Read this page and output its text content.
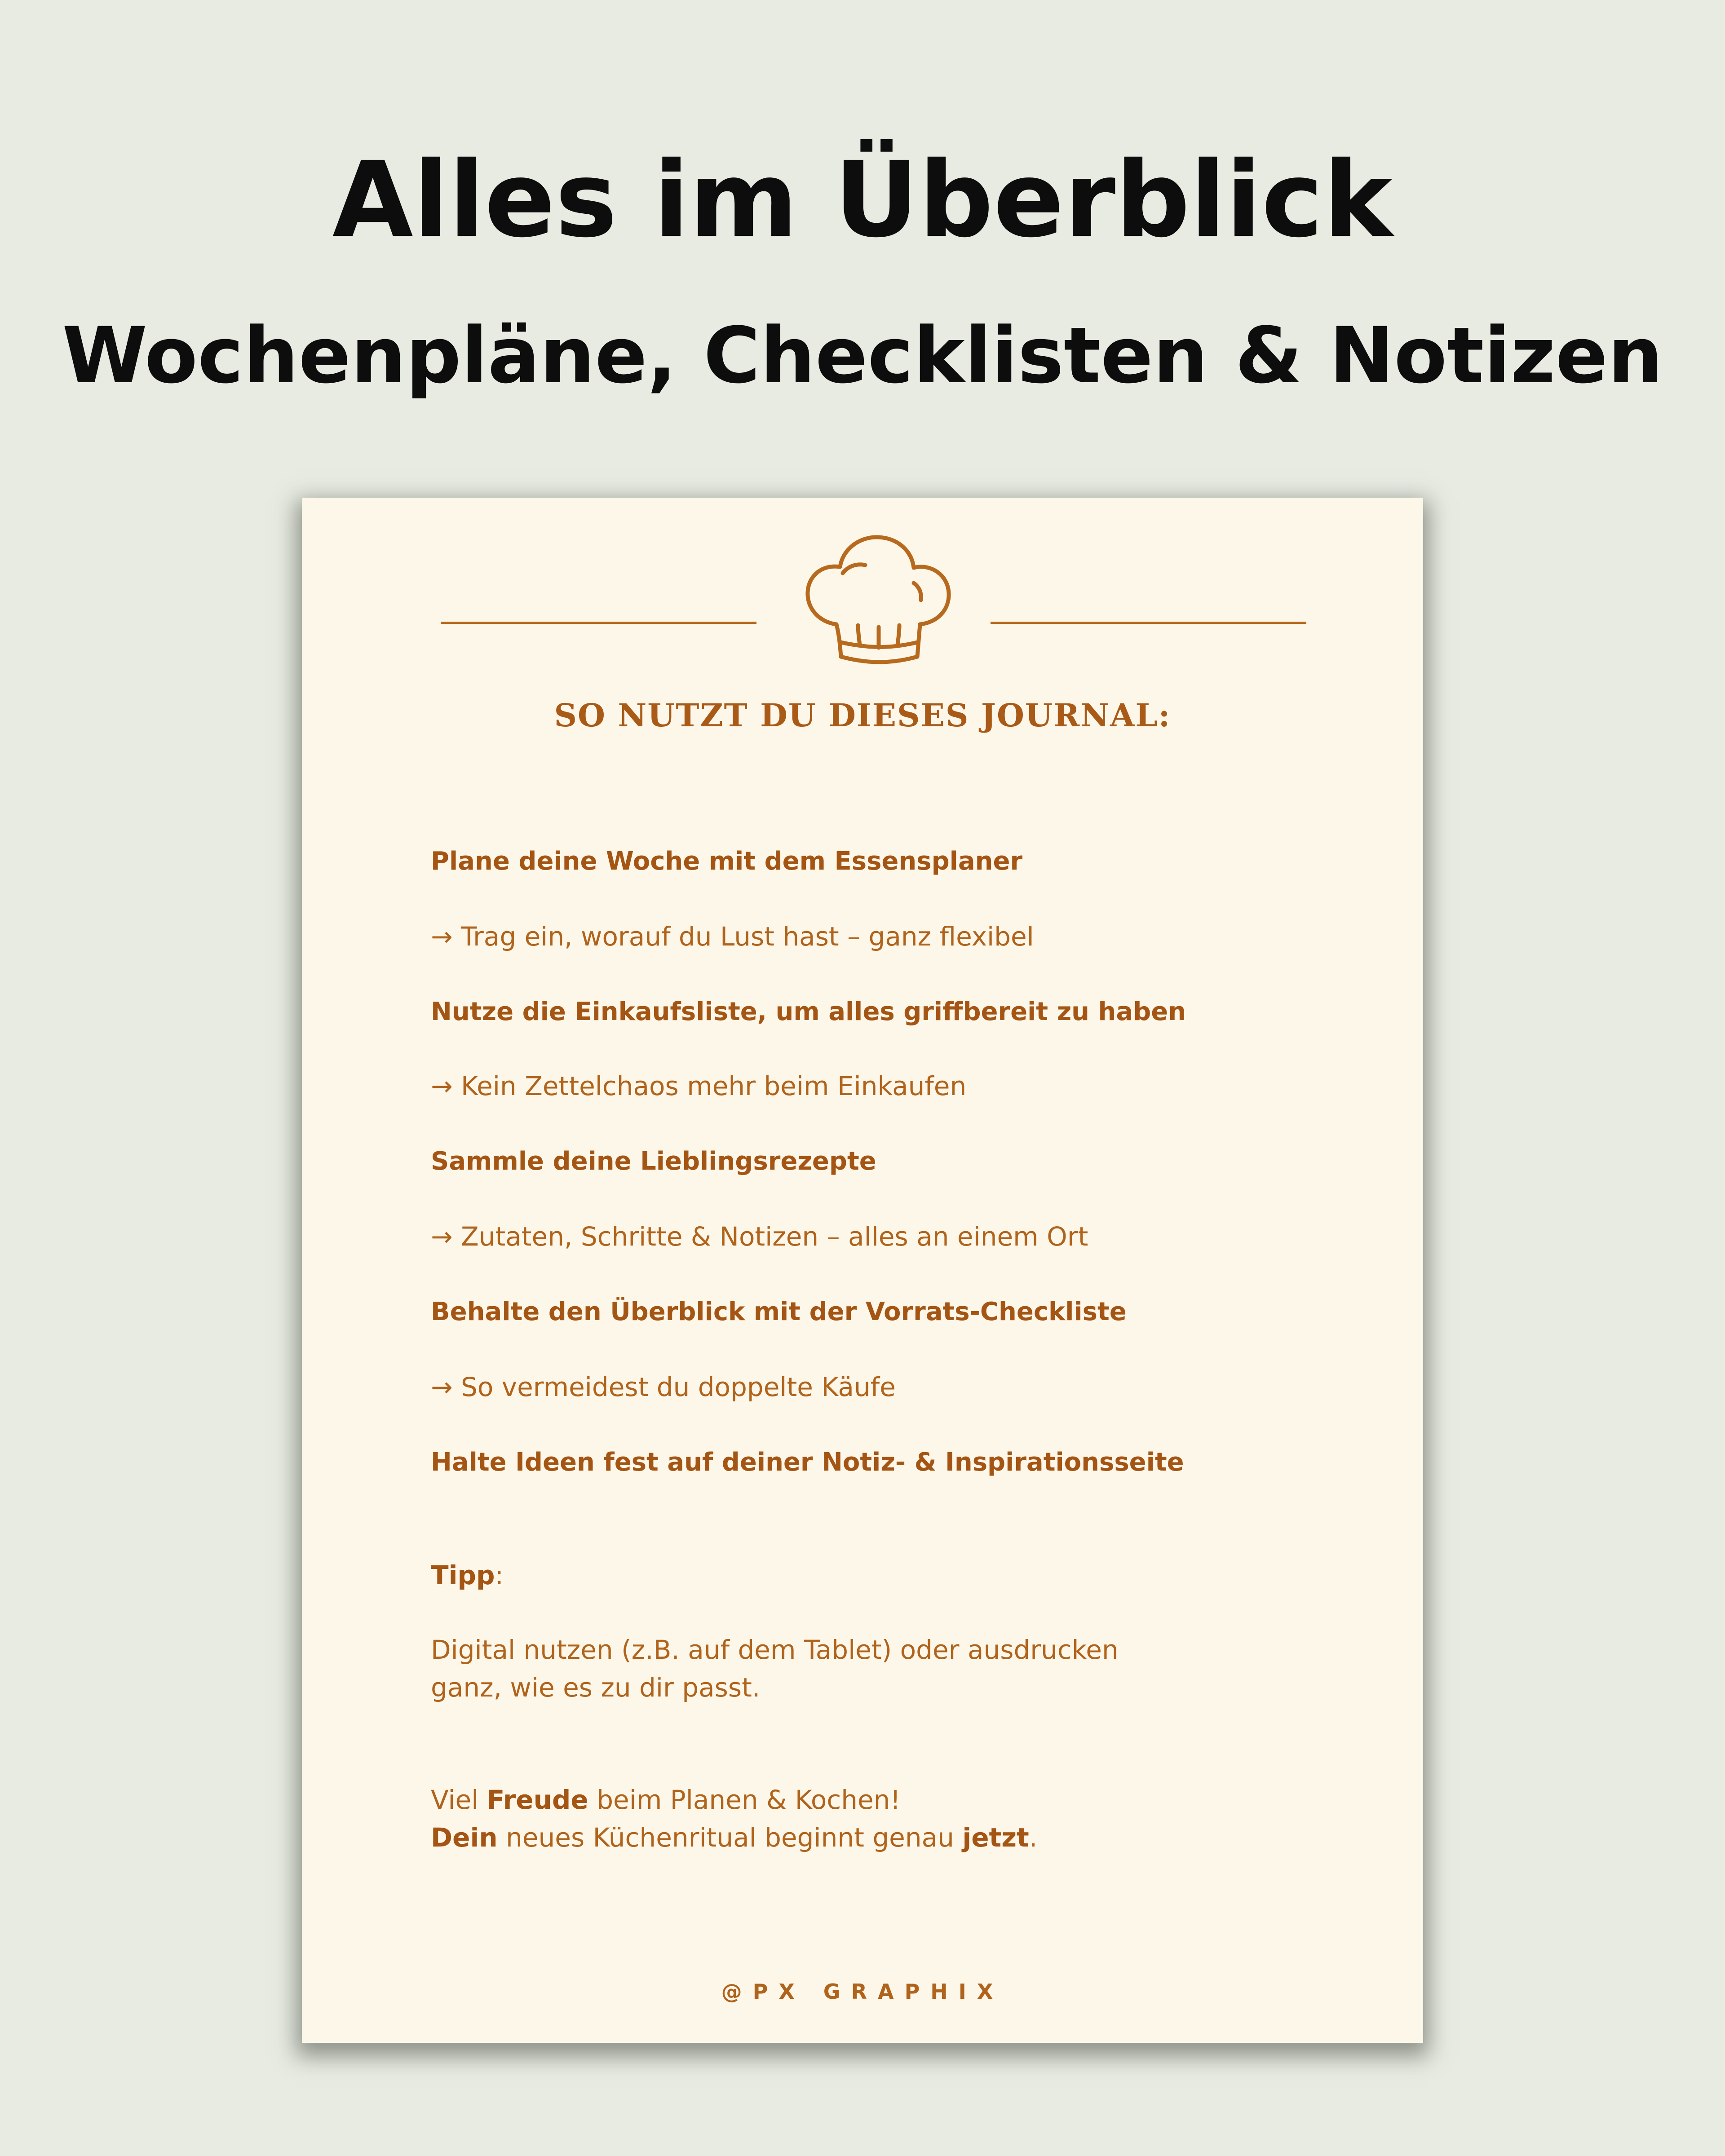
Alles im Überblick
Wochenpläne, Checklisten & Notizen
SO NUTZT DU DIESES JOURNAL:
Plane deine Woche mit dem Essensplaner
→ Trag ein, worauf du Lust hast – ganz flexibel
Nutze die Einkaufsliste, um alles griffbereit zu haben
→ Kein Zettelchaos mehr beim Einkaufen
Sammle deine Lieblingsrezepte
→ Zutaten, Schritte & Notizen – alles an einem Ort
Behalte den Überblick mit der Vorrats-Checkliste
→ So vermeidest du doppelte Käufe
Halte Ideen fest auf deiner Notiz- & Inspirationsseite
Tipp:
Digital nutzen (z.B. auf dem Tablet) oder ausdrucken
ganz, wie es zu dir passt.
Viel Freude beim Planen & Kochen!
Dein neues Küchenritual beginnt genau jetzt.
@PX GRAPHIX
